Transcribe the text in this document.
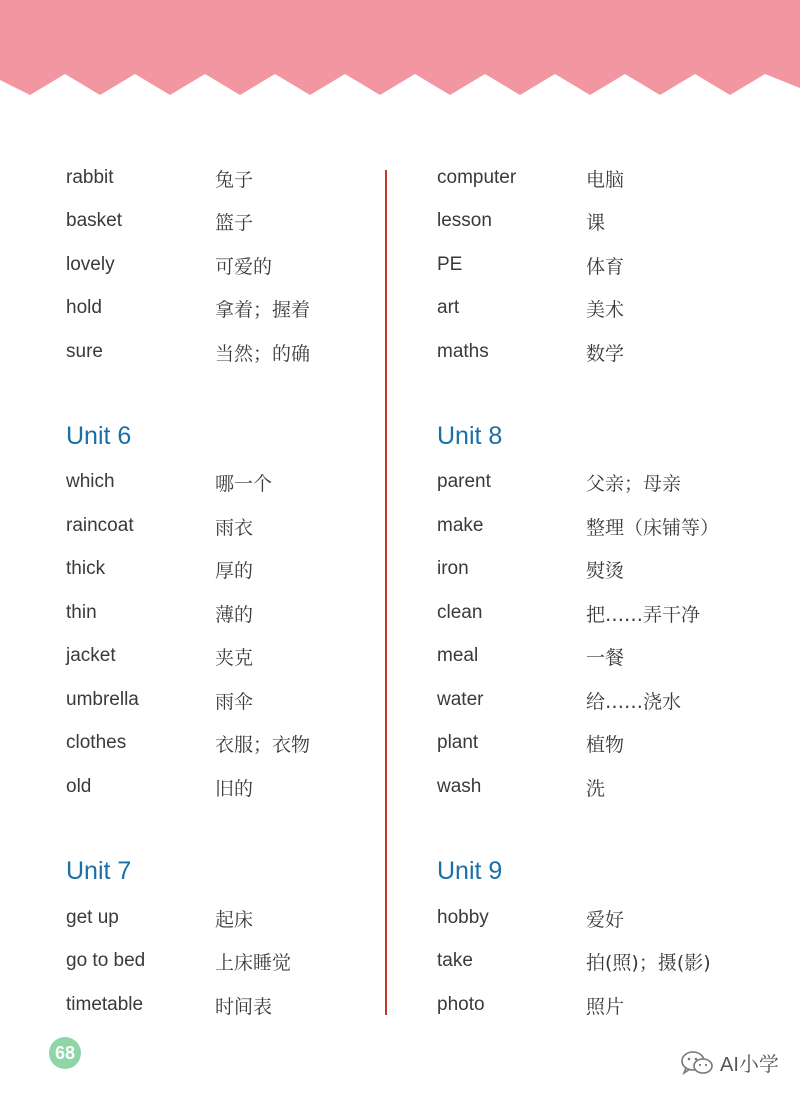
rabbit	兔子
basket	篮子
lovely	可爱的
hold	拿着；握着
sure	当然；的确
Unit 6
which	哪一个
raincoat	雨衣
thick	厚的
thin	薄的
jacket	夹克
umbrella	雨伞
clothes	衣服；衣物
old	旧的
Unit 7
get up	起床
go to bed	上床睡觉
timetable	时间表
computer	电脑
lesson	课
PE	体育
art	美术
maths	数学
Unit 8
parent	父亲；母亲
make	整理（床铺等）
iron	熨烫
clean	把……弄干净
meal	一餐
water	给……浇水
plant	植物
wash	洗
Unit 9
hobby	爱好
take	拍(照)；摄(影)
photo	照片
68
AI小学
